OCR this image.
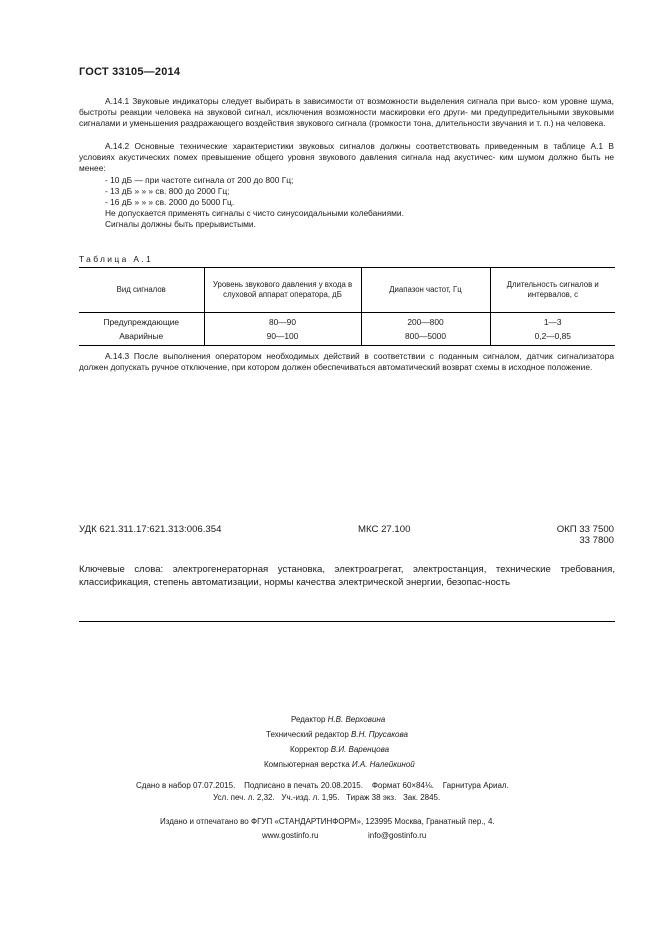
ГОСТ 33105—2014

А.14.1 Звуковые индикаторы следует выбирать в зависимости от возможности выделения сигнала при высо- ком уровне шума, быстроты реакции человека на звуковой сигнал, исключения возможности маскировки его други- ми предупредительными звуковыми сигналами и уменьшения раздражающего воздействия звукового сигнала (громкости тона, длительности звучания и т. п.) на человека.

А.14.2 Основные технические характеристики звуковых сигналов должны соответствовать приведенным в таблице А.1 В условиях акустических помех превышение общего уровня звукового давления сигнала над акустичес- ким шумом должно быть не менее:

- 10 дБ — при частоте сигнала от 200 до 800 Гц;

- 13 дБ » » » св. 800 до 2000 Гц;

- 16 дБ » » » св. 2000 до 5000 Гц.

Не допускается применять сигналы с чисто синусоидальными колебаниями.

Сигналы должны быть прерывистыми.

Таблица А.1
Вид сигналов	Уровень звукового давления у входа в слуховой аппарат оператора, дБ	Диапазон частот, Гц	Длительность сигналов и интервалов, с
Предупреждающие	80—90	200—800	1—3
Аварийные	90—100	800—5000	0,2—0,85

А.14.3 После выполнения оператором необходимых действий в соответствии с поданным сигналом, датчик сигнализатора должен допускать ручное отключение, при котором должен обеспечиваться автоматический возврат схемы в исходное положение.

УДК 621.311.17:621.313:006.354	МКС 27.100	ОКП 33 7500
33 7800
Ключевые слова: электрогенераторная установка, электроагрегат, электростанция, технические требования, классификация, степень автоматизации, нормы качества электрической энергии, безопас-ность
Редактор Н.В. Верховина
Технический редактор В.Н. Прусакова
Корректор В.И. Варенцова
Компьютерная верстка И.А. Налейкиной
Сдано в набор 07.07.2015.    Подписано в печать 20.08.2015.    Формат 60×84⅛.    Гарнитура Ариал.
Усл. печ. л. 2,32.   Уч.-изд. л. 1,95.   Тираж 38 экз.   Зак. 2845.
Издано и отпечатано во ФГУП «СТАНДАРТИНФОРМ», 123995 Москва, Гранатный пер., 4.
www.gostinfo.ru	info@gostinfo.ru
